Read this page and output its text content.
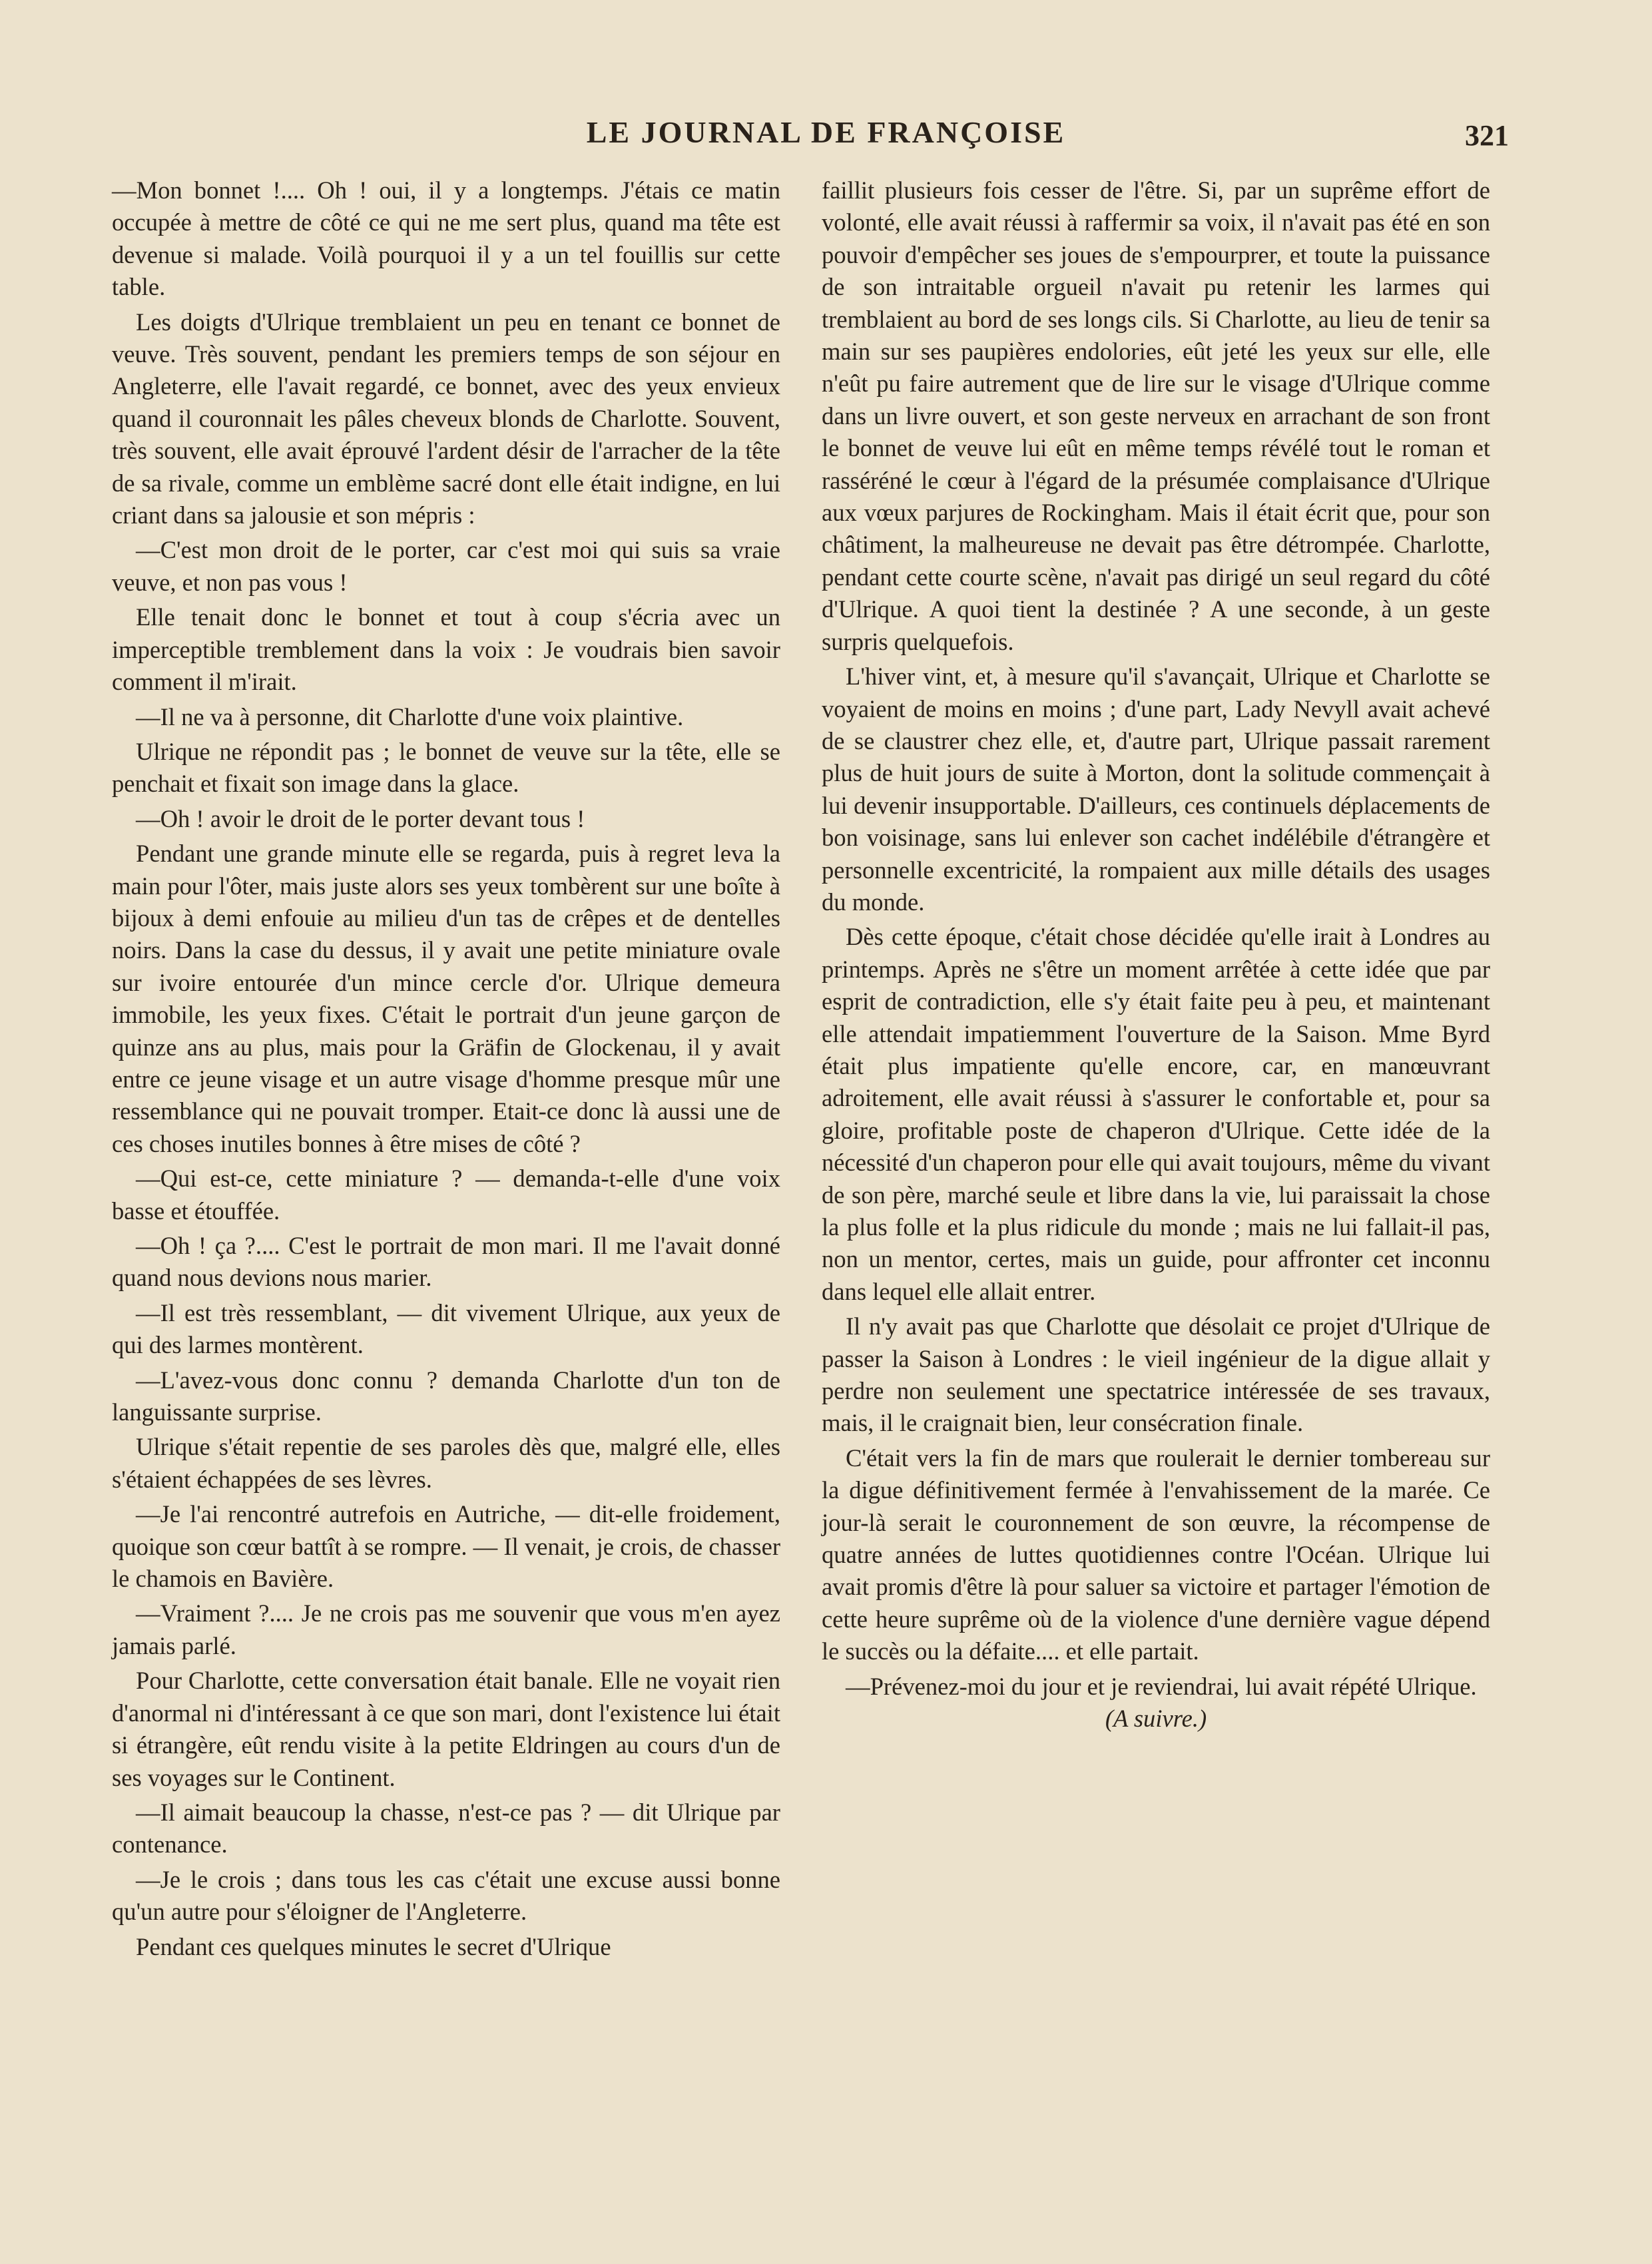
LE JOURNAL DE FRANÇOISE	321

—Mon bonnet !.... Oh ! oui, il y a longtemps. J'étais ce matin occupée à mettre de côté ce qui ne me sert plus, quand ma tête est devenue si malade. Voilà pourquoi il y a un tel fouillis sur cette table.

Les doigts d'Ulrique tremblaient un peu en tenant ce bonnet de veuve. Très souvent, pendant les premiers temps de son séjour en Angleterre, elle l'avait regardé, ce bonnet, avec des yeux envieux quand il couronnait les pâles cheveux blonds de Charlotte. Souvent, très souvent, elle avait éprouvé l'ardent désir de l'arracher de la tête de sa rivale, comme un emblème sacré dont elle était indigne, en lui criant dans sa jalousie et son mépris :

—C'est mon droit de le porter, car c'est moi qui suis sa vraie veuve, et non pas vous !

Elle tenait donc le bonnet et tout à coup s'écria avec un imperceptible tremblement dans la voix : Je voudrais bien savoir comment il m'irait.

—Il ne va à personne, dit Charlotte d'une voix plaintive.

Ulrique ne répondit pas ; le bonnet de veuve sur la tête, elle se penchait et fixait son image dans la glace.

—Oh ! avoir le droit de le porter devant tous !

Pendant une grande minute elle se regarda, puis à regret leva la main pour l'ôter, mais juste alors ses yeux tombèrent sur une boîte à bijoux à demi enfouie au milieu d'un tas de crêpes et de dentelles noirs. Dans la case du dessus, il y avait une petite miniature ovale sur ivoire entourée d'un mince cercle d'or. Ulrique demeura immobile, les yeux fixes. C'était le portrait d'un jeune garçon de quinze ans au plus, mais pour la Gräfin de Glockenau, il y avait entre ce jeune visage et un autre visage d'homme presque mûr une ressemblance qui ne pouvait tromper. Etait-ce donc là aussi une de ces choses inutiles bonnes à être mises de côté ?

—Qui est-ce, cette miniature ? — demanda-t-elle d'une voix basse et étouffée.

—Oh ! ça ?.... C'est le portrait de mon mari. Il me l'avait donné quand nous devions nous marier.

—Il est très ressemblant, — dit vivement Ulrique, aux yeux de qui des larmes montèrent.

—L'avez-vous donc connu ? demanda Charlotte d'un ton de languissante surprise.

Ulrique s'était repentie de ses paroles dès que, malgré elle, elles s'étaient échappées de ses lèvres.

—Je l'ai rencontré autrefois en Autriche, — dit-elle froidement, quoique son cœur battît à se rompre. — Il venait, je crois, de chasser le chamois en Bavière.

—Vraiment ?.... Je ne crois pas me souvenir que vous m'en ayez jamais parlé.

Pour Charlotte, cette conversation était banale. Elle ne voyait rien d'anormal ni d'intéressant à ce que son mari, dont l'existence lui était si étrangère, eût rendu visite à la petite Eldringen au cours d'un de ses voyages sur le Continent.

—Il aimait beaucoup la chasse, n'est-ce pas ? — dit Ulrique par contenance.

—Je le crois ; dans tous les cas c'était une excuse aussi bonne qu'un autre pour s'éloigner de l'Angleterre.

Pendant ces quelques minutes le secret d'Ulrique

faillit plusieurs fois cesser de l'être. Si, par un suprême effort de volonté, elle avait réussi à raffermir sa voix, il n'avait pas été en son pouvoir d'empêcher ses joues de s'empourprer, et toute la puissance de son intraitable orgueil n'avait pu retenir les larmes qui tremblaient au bord de ses longs cils. Si Charlotte, au lieu de tenir sa main sur ses paupières endolories, eût jeté les yeux sur elle, elle n'eût pu faire autrement que de lire sur le visage d'Ulrique comme dans un livre ouvert, et son geste nerveux en arrachant de son front le bonnet de veuve lui eût en même temps révélé tout le roman et rasséréné le cœur à l'égard de la présumée complaisance d'Ulrique aux vœux parjures de Rockingham. Mais il était écrit que, pour son châtiment, la malheureuse ne devait pas être détrompée. Charlotte, pendant cette courte scène, n'avait pas dirigé un seul regard du côté d'Ulrique. A quoi tient la destinée ? A une seconde, à un geste surpris quelquefois.

L'hiver vint, et, à mesure qu'il s'avançait, Ulrique et Charlotte se voyaient de moins en moins ; d'une part, Lady Nevyll avait achevé de se claustrer chez elle, et, d'autre part, Ulrique passait rarement plus de huit jours de suite à Morton, dont la solitude commençait à lui devenir insupportable. D'ailleurs, ces continuels déplacements de bon voisinage, sans lui enlever son cachet indélébile d'étrangère et personnelle excentricité, la rompaient aux mille détails des usages du monde.

Dès cette époque, c'était chose décidée qu'elle irait à Londres au printemps. Après ne s'être un moment arrêtée à cette idée que par esprit de contradiction, elle s'y était faite peu à peu, et maintenant elle attendait impatiemment l'ouverture de la Saison. Mme Byrd était plus impatiente qu'elle encore, car, en manœuvrant adroitement, elle avait réussi à s'assurer le confortable et, pour sa gloire, profitable poste de chaperon d'Ulrique. Cette idée de la nécessité d'un chaperon pour elle qui avait toujours, même du vivant de son père, marché seule et libre dans la vie, lui paraissait la chose la plus folle et la plus ridicule du monde ; mais ne lui fallait-il pas, non un mentor, certes, mais un guide, pour affronter cet inconnu dans lequel elle allait entrer.

Il n'y avait pas que Charlotte que désolait ce projet d'Ulrique de passer la Saison à Londres : le vieil ingénieur de la digue allait y perdre non seulement une spectatrice intéressée de ses travaux, mais, il le craignait bien, leur consécration finale.

C'était vers la fin de mars que roulerait le dernier tombereau sur la digue définitivement fermée à l'envahissement de la marée. Ce jour-là serait le couronnement de son œuvre, la récompense de quatre années de luttes quotidiennes contre l'Océan. Ulrique lui avait promis d'être là pour saluer sa victoire et partager l'émotion de cette heure suprême où de la violence d'une dernière vague dépend le succès ou la défaite.... et elle partait.

—Prévenez-moi du jour et je reviendrai, lui avait répété Ulrique.

(A suivre.)
